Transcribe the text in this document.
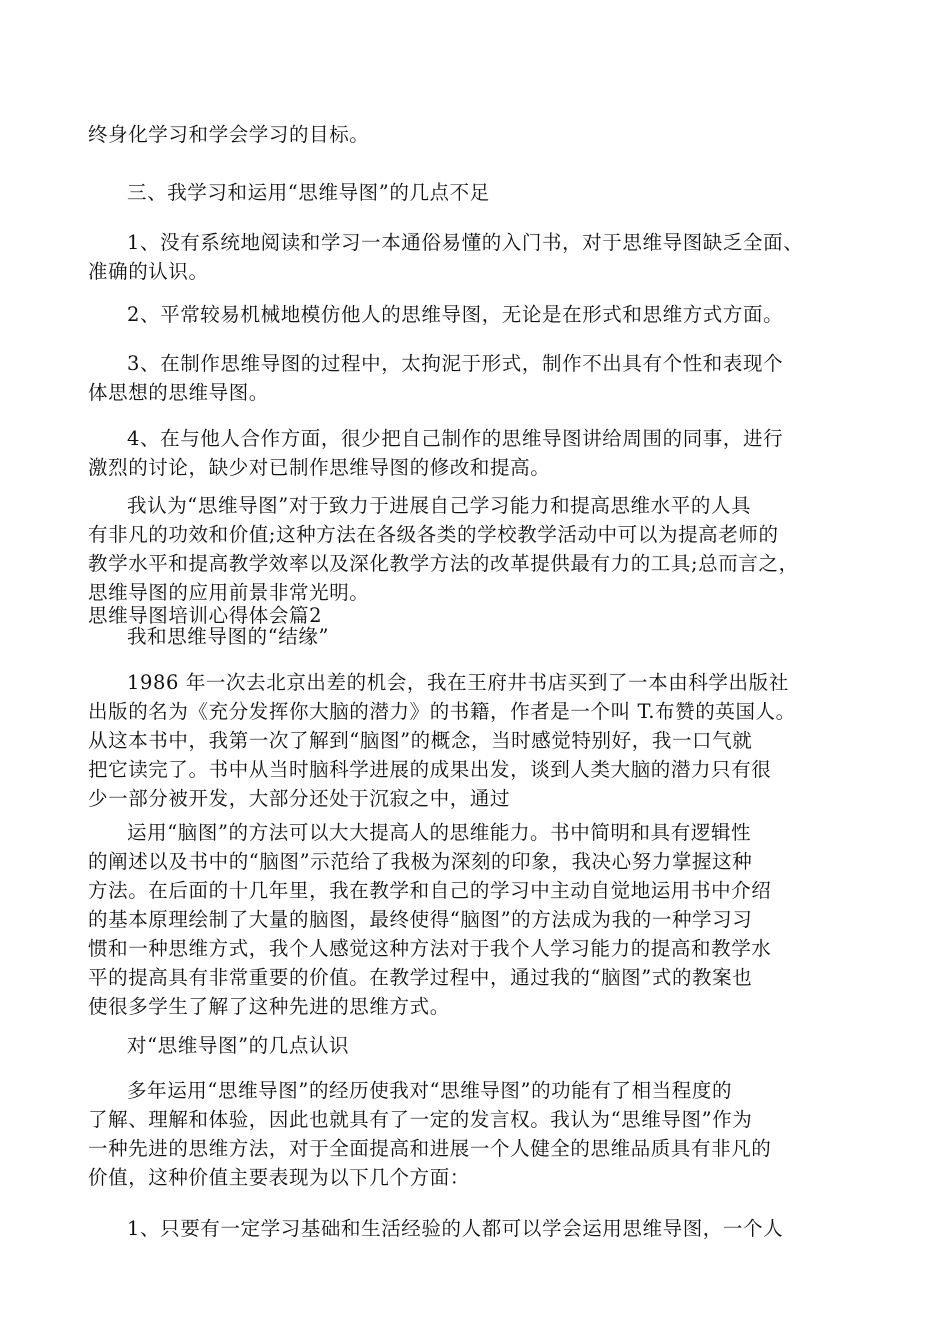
终身化学习和学会学习的目标。
三、我学习和运用“思维导图”的几点不足
1、没有系统地阅读和学习一本通俗易懂的入门书，对于思维导图缺乏全面、
准确的认识。
2、平常较易机械地模仿他人的思维导图，无论是在形式和思维方式方面。
3、在制作思维导图的过程中，太拘泥于形式，制作不出具有个性和表现个
体思想的思维导图。
4、在与他人合作方面，很少把自己制作的思维导图讲给周围的同事，进行
激烈的讨论，缺少对已制作思维导图的修改和提高。
我认为“思维导图”对于致力于进展自己学习能力和提高思维水平的人具
有非凡的功效和价值;这种方法在各级各类的学校教学活动中可以为提高老师的
教学水平和提高教学效率以及深化教学方法的改革提供最有力的工具;总而言之，
思维导图的应用前景非常光明。
思维导图培训心得体会篇2
我和思维导图的“结缘”
1986 年一次去北京出差的机会，我在王府井书店买到了一本由科学出版社
出版的名为《充分发挥你大脑的潜力》的书籍，作者是一个叫 T.布赞的英国人。
从这本书中，我第一次了解到“脑图”的概念，当时感觉特别好，我一口气就
把它读完了。书中从当时脑科学进展的成果出发，谈到人类大脑的潜力只有很
少一部分被开发，大部分还处于沉寂之中，通过
运用“脑图”的方法可以大大提高人的思维能力。书中简明和具有逻辑性
的阐述以及书中的“脑图”示范给了我极为深刻的印象，我决心努力掌握这种
方法。在后面的十几年里，我在教学和自己的学习中主动自觉地运用书中介绍
的基本原理绘制了大量的脑图，最终使得“脑图”的方法成为我的一种学习习
惯和一种思维方式，我个人感觉这种方法对于我个人学习能力的提高和教学水
平的提高具有非常重要的价值。在教学过程中，通过我的“脑图”式的教案也
使很多学生了解了这种先进的思维方式。
对“思维导图”的几点认识
多年运用“思维导图”的经历使我对“思维导图”的功能有了相当程度的
了解、理解和体验，因此也就具有了一定的发言权。我认为“思维导图”作为
一种先进的思维方法，对于全面提高和进展一个人健全的思维品质具有非凡的
价值，这种价值主要表现为以下几个方面：
1、只要有一定学习基础和生活经验的人都可以学会运用思维导图，一个人
